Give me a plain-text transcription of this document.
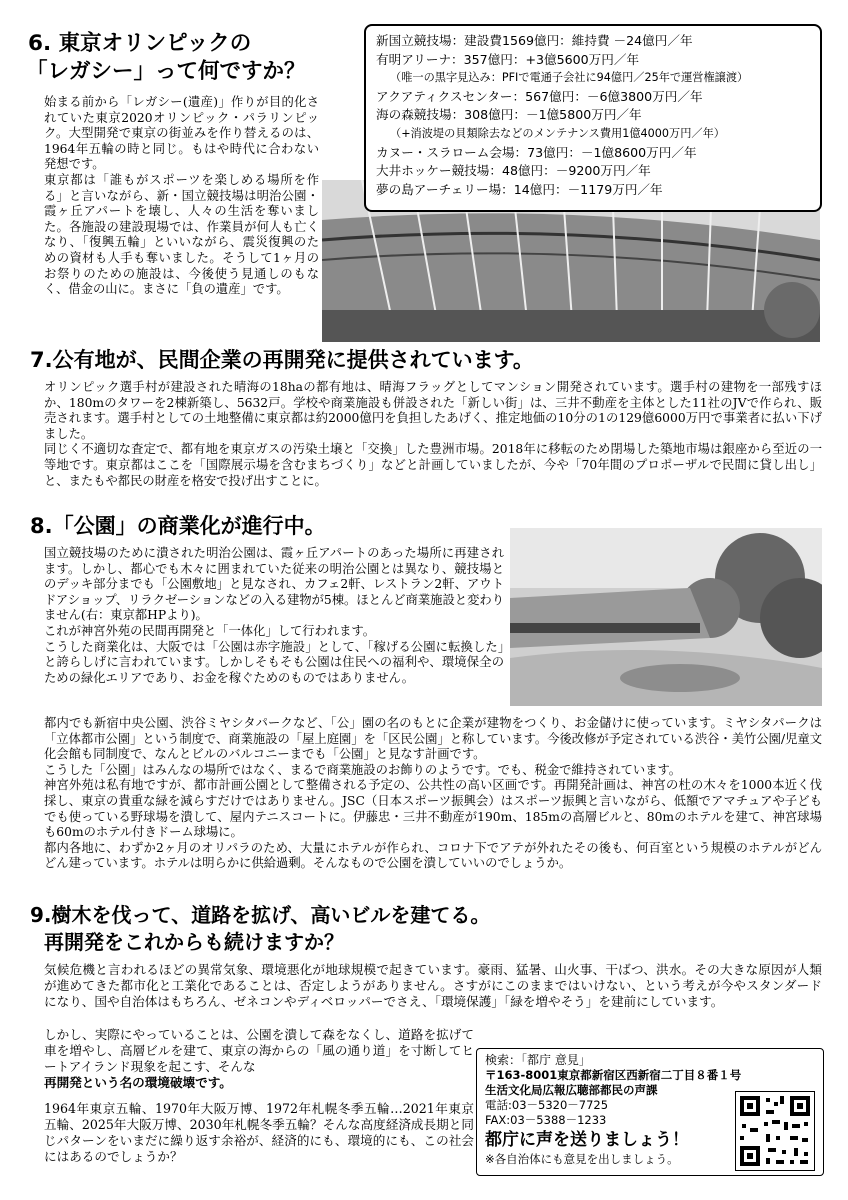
6. 東京オリンピックの
「レガシー」って何ですか？

始まる前から「レガシー(遺産)」作りが目的化されていた東京2020オリンピック・パラリンピック。大型開発で東京の街並みを作り替えるのは、1964年五輪の時と同じ。もはや時代に合わない発想です。

東京都は「誰もがスポーツを楽しめる場所を作る」と言いながら、新・国立競技場は明治公園・霞ヶ丘アパートを壊し、人々の生活を奪いました。各施設の建設現場では、作業員が何人も亡くなり、「復興五輪」といいながら、震災復興のための資材も人手も奪いました。そうして1ヶ月のお祭りのための施設は、今後使う見通しのもなく、借金の山に。まさに「負の遺産」です。

新国立競技場：建設費1569億円：維持費 －24億円／年
有明アリーナ：357億円：+3億5600万円／年
（唯一の黒字見込み：PFIで電通子会社に94億円／25年で運営権譲渡）
アクアティクスセンター：567億円：－6億3800万円／年
海の森競技場：308億円：－1億5800万円／年
（+消波堤の貝類除去などのメンテナンス費用1億4000万円／年）
カヌー・スラローム会場：73億円：－1億8600万円／年
大井ホッケー競技場：48億円：－9200万円／年
夢の島アーチェリー場：14億円：－1179万円／年
7.公有地が、民間企業の再開発に提供されています。

オリンピック選手村が建設された晴海の18haの都有地は、晴海フラッグとしてマンション開発されています。選手村の建物を一部残すほか、180mのタワーを2棟新築し、5632戸。学校や商業施設も併設された「新しい街」は、三井不動産を主体とした11社のJVで作られ、販売されます。選手村としての土地整備に東京都は約2000億円を負担したあげく、推定地価の10分の1の129億6000万円で事業者に払い下げました。

同じく不適切な査定で、都有地を東京ガスの汚染土壌と「交換」した豊洲市場。2018年に移転のため閉場した築地市場は銀座から至近の一等地です。東京都はここを「国際展示場を含むまちづくり」などと計画していましたが、今や「70年間のプロポーザルで民間に貸し出し」と、またもや都民の財産を格安で投げ出すことに。

8.「公園」の商業化が進行中。

国立競技場のために潰された明治公園は、霞ヶ丘アパートのあった場所に再建されます。しかし、都心でも木々に囲まれていた従来の明治公園とは異なり、競技場とのデッキ部分までも「公園敷地」と見なされ、カフェ2軒、レストラン2軒、アウトドアショップ、リラクゼーションなどの入る建物が5棟。ほとんど商業施設と変わりません(右：東京都HPより)。

これが神宮外苑の民間再開発と「一体化」して行われます。

こうした商業化は、大阪では「公園は赤字施設」として、「稼げる公園に転換した」と誇らしげに言われています。しかしそもそも公園は住民への福利や、環境保全のための緑化エリアであり、お金を稼ぐためのものではありません。

都内でも新宿中央公園、渋谷ミヤシタパークなど、「公」園の名のもとに企業が建物をつくり、お金儲けに使っています。ミヤシタパークは「立体都市公園」という制度で、商業施設の「屋上庭園」を「区民公園」と称しています。今後改修が予定されている渋谷・美竹公園/児童文化会館も同制度で、なんとビルのバルコニーまでも「公園」と見なす計画です。

こうした「公園」はみんなの場所ではなく、まるで商業施設のお飾りのようです。でも、税金で維持されています。

神宮外苑は私有地ですが、都市計画公園として整備される予定の、公共性の高い区画です。再開発計画は、神宮の杜の木々を1000本近く伐採し、東京の貴重な緑を減らすだけではありません。JSC（日本スポーツ振興会）はスポーツ振興と言いながら、低額でアマチュアや子どもでも使っている野球場を潰して、屋内テニスコートに。伊藤忠・三井不動産が190m、185mの高層ビルと、80mのホテルを建て、神宮球場も60mのホテル付きドーム球場に。

都内各地に、わずか2ヶ月のオリパラのため、大量にホテルが作られ、コロナ下でアテが外れたその後も、何百室という規模のホテルがどんどん建っています。ホテルは明らかに供給過剰。そんなもので公園を潰していいのでしょうか。

9.樹木を伐って、道路を拡げ、高いビルを建てる。
再開発をこれからも続けますか？

気候危機と言われるほどの異常気象、環境悪化が地球規模で起きています。豪雨、猛暑、山火事、干ばつ、洪水。その大きな原因が人類が進めてきた都市化と工業化であることは、否定しようがありません。さすがにこのままではいけない、という考えが今やスタンダードになり、国や自治体はもちろん、ゼネコンやディベロッパーでさえ、「環境保護」「緑を増やそう」を建前にしています。

しかし、実際にやっていることは、公園を潰して森をなくし、道路を拡げて車を増やし、高層ビルを建て、東京の海からの「風の通り道」を寸断してヒートアイランド現象を起こす、そんな

再開発という名の環境破壊です。

1964年東京五輪、1970年大阪万博、1972年札幌冬季五輪…2021年東京五輪、2025年大阪万博、2030年札幌冬季五輪？そんな高度経済成長期と同じパターンをいまだに繰り返す余裕が、経済的にも、環境的にも、この社会にはあるのでしょうか？

検索：「都庁 意見」
〒163-8001東京都新宿区西新宿二丁目８番１号
生活文化局広報広聴部都民の声課
電話:03－5320－7725
FAX:03－5388－1233
都庁に声を送りましょう！
※各自治体にも意見を出しましょう。
